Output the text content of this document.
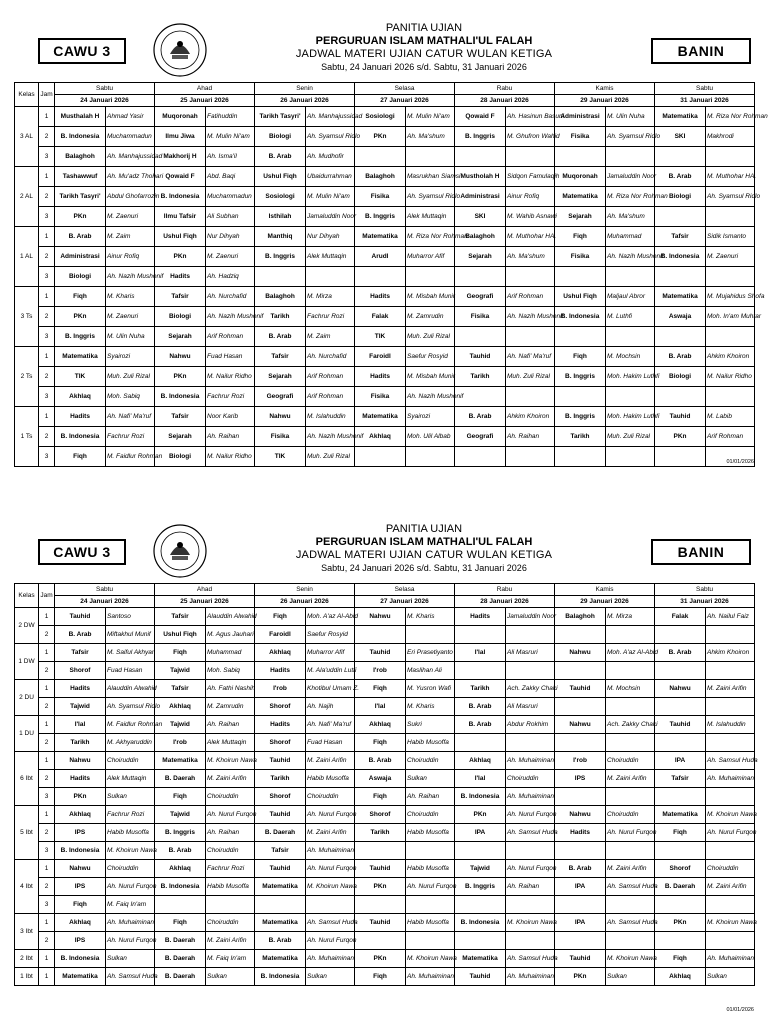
CAWU 3
PANITIA UJIAN
PERGURUAN ISLAM MATHALI'UL FALAH
JADWAL MATERI UJIAN CATUR WULAN KETIGA
Sabtu, 24 Januari 2026 s/d. Sabtu, 31 Januari 2026
BANIN
Kelas	Jam	Sabtu		Ahad		Senin		Selasa		Rabu		Kamis		Sabtu	
		24 Januari 2026		25 Januari 2026		26 Januari 2026		27 Januari 2026		28 Januari 2026		29 Januari 2026		31 Januari 2026	
3 AL	1	Musthalah H	Ahmad Yasir	Muqoronah	Fatihuddin	Tarikh Tasyri'	Ah. Manhajussidad	Sosiologi	M. Mulin Ni'am	Qowaid F	Ah. Hasinun Basuni	Administrasi	M. Ulin Nuha	Matematika	M. Riza Nor Rohman
	2	B. Indonesia	Muchammadun	Ilmu Jiwa	M. Mulin Ni'am	Biologi	Ah. Syamsul Ridlo	PKn	Ah. Ma'shum	B. Inggris	M. Ghufron Wahid	Fisika	Ah. Syamsul Ridlo	SKI	Makhrodi
	3	Balaghoh	Ah. Manhajussidad	Makhorij H	Ah. Isma'il	B. Arab	Ah. Mudhofir								
2 AL	1	Tashawwuf	Ah. Mu'adz Thohari	Qowaid F	Abd. Baqi	Ushul Fiqh	Ubaidurrahman	Balaghoh	Masrukhan Siamsi	Mustholah H	Sidqon Famulaqih	Muqoronah	Jamaluddin Noor	B. Arab	M. Muthohar HA.
	2	Tarikh Tasyri'	Abdul Ghofarrozin	B. Indonesia	Muchammadun	Sosiologi	M. Mulin Ni'am	Fisika	Ah. Syamsul Ridlo	Administrasi	Ainur Rofiq	Matematika	M. Riza Nor Rohman	Biologi	Ah. Syamsul Ridlo
	3	PKn	M. Zaenuri	Ilmu Tafsir	Ali Subhan	Isthilah	Jamaluddin Noor	B. Inggris	Alek Muttaqin	SKI	M. Wahib Asnawi	Sejarah	Ah. Ma'shum		
1 AL	1	B. Arab	M. Zaim	Ushul Fiqh	Nur Dihyah	Manthiq	Nur Dihyah	Matematika	M. Riza Nor Rohman	Balaghoh	M. Muthohar HA.	Fiqh	Muhammad	Tafsir	Sidik Ismanto
	2	Administrasi	Ainur Rofiq	PKn	M. Zaenuri	B. Inggris	Alek Muttaqin	Arudl	Muharror Afif	Sejarah	Ah. Ma'shum	Fisika	Ah. Nazih Mushonif	B. Indonesia	M. Zaenuri
	3	Biologi	Ah. Nazih Mushonif	Hadits	Ah. Hadziq										
3 Ts	1	Fiqh	M. Kharis	Tafsir	Ah. Nurchafid	Balaghoh	M. Mirza	Hadits	M. Misbah Munir	Geografi	Arif Rohman	Ushul Fiqh	Maljaul Abror	Matematika	M. Mujahidus Shofa
	2	PKn	M. Zaenuri	Biologi	Ah. Nazih Mushonif	Tarikh	Fachrur Rozi	Falak	M. Zamrudin	Fisika	Ah. Nazih Mushonif	B. Indonesia	M. Luthfi	Aswaja	Moh. In'am Muhtar
	3	B. Inggris	M. Ulin Nuha	Sejarah	Arif Rohman	B. Arab	M. Zaim	TIK	Muh. Zuli Rizal						
2 Ts	1	Matematika	Syairozi	Nahwu	Fuad Hasan	Tafsir	Ah. Nurchafid	Faroidl	Saefur Rosyid	Tauhid	Ah. Nafi' Ma'ruf	Fiqh	M. Mochsin	B. Arab	Ahkim Khoiron
	2	TIK	Muh. Zuli Rizal	PKn	M. Nailur Ridho	Sejarah	Arif Rohman	Hadits	M. Misbah Munir	Tarikh	Muh. Zuli Rizal	B. Inggris	Moh. Hakim Luthfi	Biologi	M. Nailur Ridho
	3	Akhlaq	Moh. Sabiq	B. Indonesia	Fachrur Rozi	Geografi	Arif Rohman	Fisika	Ah. Nazih Mushonif						
1 Ts	1	Hadits	Ah. Nafi' Ma'ruf	Tafsir	Noor Karib	Nahwu	M. Islahuddin	Matematika	Syairozi	B. Arab	Ahkim Khoiron	B. Inggris	Moh. Hakim Luthfi	Tauhid	M. Labib
	2	B. Indonesia	Fachrur Rozi	Sejarah	Ah. Raihan	Fisika	Ah. Nazih Mushonif	Akhlaq	Moh. Ulil Albab	Geografi	Ah. Raihan	Tarikh	Muh. Zuli Rizal	PKn	Arif Rohman
	3	Fiqh	M. Faidlur Rohman	Biologi	M. Nailur Ridho	TIK	Muh. Zuli Rizal								
01/01/2026
CAWU 3
PANITIA UJIAN
PERGURUAN ISLAM MATHALI'UL FALAH
JADWAL MATERI UJIAN CATUR WULAN KETIGA
Sabtu, 24 Januari 2026 s/d. Sabtu, 31 Januari 2026
BANIN
Kelas	Jam	Sabtu		Ahad		Senin		Selasa		Rabu		Kamis		Sabtu	
		24 Januari 2026		25 Januari 2026		26 Januari 2026		27 Januari 2026		28 Januari 2026		29 Januari 2026		31 Januari 2026	
2 DW	1	Tauhid	Santoso	Tafsir	Alauddin Alwahid	Fiqh	Moh. A'az Al-Abid	Nahwu	M. Kharis	Hadits	Jamaluddin Noor	Balaghoh	M. Mirza	Falak	Ah. Nailul Faiz
	2	B. Arab	Miftakhul Munif	Ushul Fiqh	M. Agus Jauhari	Faroidl	Saefur Rosyid								
1 DW	1	Tafsir	M. Saiful Akhyar	Fiqh	Muhammad	Akhlaq	Muharror Afif	Tauhid	Eri Prasetiyanto	I'lal	Ali Masruri	Nahwu	Moh. A'az Al-Abid	B. Arab	Ahkim Khoiron
	2	Shorof	Fuad Hasan	Tajwid	Moh. Sabiq	Hadits	M. Ala'uddin Lutfi	I'rob	Maslihan Ali						
2 DU	1	Hadits	Alauddin Alwahid	Tafsir	Ah. Fathi Nashih	I'rob	Khotibul Umam Z.	Fiqh	M. Yusron Wafi	Tarikh	Ach. Zakky Chaki	Tauhid	M. Mochsin	Nahwu	M. Zaini Arifin
	2	Tajwid	Ah. Syamsul Ridlo	Akhlaq	M. Zamrudin	Shorof	Ah. Najih	I'lal	M. Kharis	B. Arab	Ali Masruri				
1 DU	1	I'lal	M. Faidlur Rohman	Tajwid	Ah. Raihan	Hadits	Ah. Nafi' Ma'ruf	Akhlaq	Sukri	B. Arab	Abdur Rokhim	Nahwu	Ach. Zakky Chaki	Tauhid	M. Islahuddin
	2	Tarikh	M. Akhyaruddin	I'rob	Alek Muttaqin	Shorof	Fuad Hasan	Fiqh	Habib Musoffa						
6 Ibt	1	Nahwu	Choiruddin	Matematika	M. Khoirun Nawa	Tauhid	M. Zaini Arifin	B. Arab	Choiruddin	Akhlaq	Ah. Muhaiminan	I'rob	Choiruddin	IPA	Ah. Samsul Huda
	2	Hadits	Alek Muttaqin	B. Daerah	M. Zaini Arifin	Tarikh	Habib Musoffa	Aswaja	Sulkan	I'lal	Choiruddin	IPS	M. Zaini Arifin	Tafsir	Ah. Muhaiminan
	3	PKn	Sulkan	Fiqh	Choiruddin	Shorof	Choiruddin	Fiqh	Ah. Raihan	B. Indonesia	Ah. Muhaiminan				
5 Ibt	1	Akhlaq	Fachrur Rozi	Tajwid	Ah. Nurul Furqon	Tauhid	Ah. Nurul Furqon	Shorof	Choiruddin	PKn	Ah. Nurul Furqon	Nahwu	Choiruddin	Matematika	M. Khoirun Nawa
	2	IPS	Habib Musoffa	B. Inggris	Ah. Raihan	B. Daerah	M. Zaini Arifin	Tarikh	Habib Musoffa	IPA	Ah. Samsul Huda	Hadits	Ah. Nurul Furqon	Fiqh	Ah. Nurul Furqon
	3	B. Indonesia	M. Khoirun Nawa	B. Arab	Choiruddin	Tafsir	Ah. Muhaiminan								
4 Ibt	1	Nahwu	Choiruddin	Akhlaq	Fachrur Rozi	Tauhid	Ah. Nurul Furqon	Tauhid	Habib Musoffa	Tajwid	Ah. Nurul Furqon	B. Arab	M. Zaini Arifin	Shorof	Choiruddin
	2	IPS	Ah. Nurul Furqon	B. Indonesia	Habib Musoffa	Matematika	M. Khoirun Nawa	PKn	Ah. Nurul Furqon	B. Inggris	Ah. Raihan	IPA	Ah. Samsul Huda	B. Daerah	M. Zaini Arifin
	3	Fiqh	M. Faiq In'am												
3 Ibt	1	Akhlaq	Ah. Muhaiminan	Fiqh	Choiruddin	Matematika	Ah. Samsul Huda	Tauhid	Habib Musoffa	B. Indonesia	M. Khoirun Nawa	IPA	Ah. Samsul Huda	PKn	M. Khoirun Nawa
	2	IPS	Ah. Nurul Furqon	B. Daerah	M. Zaini Arifin	B. Arab	Ah. Nurul Furqon								
2 Ibt	1	B. Indonesia	Sulkan	B. Daerah	M. Faiq In'am	Matematika	Ah. Muhaiminan	PKn	M. Khoirun Nawa	Matematika	Ah. Samsul Huda	Tauhid	M. Khoirun Nawa	Fiqh	Ah. Muhaiminan
1 Ibt	1	Matematika	Ah. Samsul Huda	B. Daerah	Sulkan	B. Indonesia	Sulkan	Fiqh	Ah. Muhaiminan	Tauhid	Ah. Muhaiminan	PKn	Sulkan	Akhlaq	Sulkan
01/01/2026
